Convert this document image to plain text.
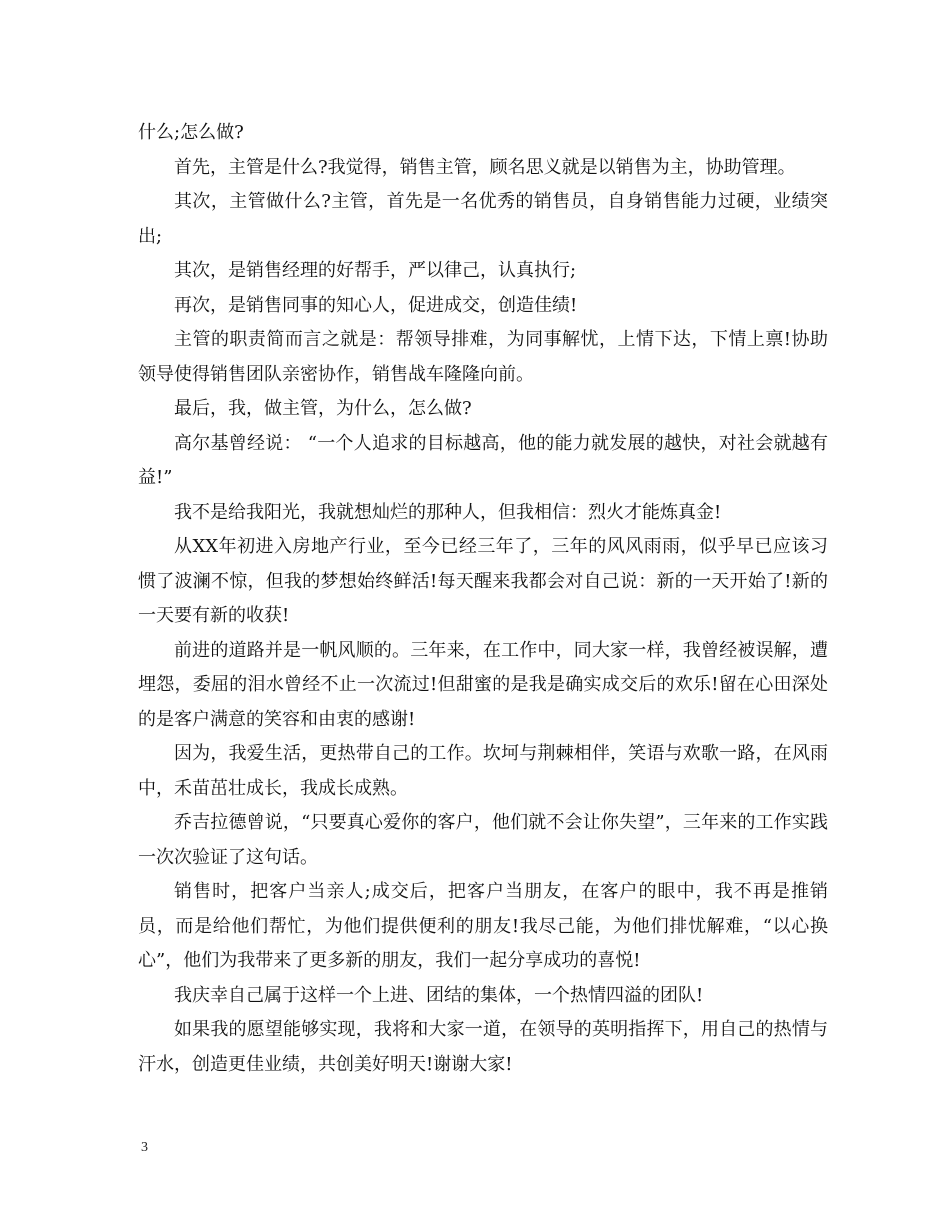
什么;怎么做?

首先，主管是什么?我觉得，销售主管，顾名思义就是以销售为主，协助管理。

其次，主管做什么?主管，首先是一名优秀的销售员，自身销售能力过硬，业绩突出;

其次，是销售经理的好帮手，严以律己，认真执行;

再次，是销售同事的知心人，促进成交，创造佳绩!

主管的职责简而言之就是：帮领导排难，为同事解忧，上情下达，下情上禀!协助领导使得销售团队亲密协作，销售战车隆隆向前。

最后，我，做主管，为什么，怎么做?

高尔基曾经说： “一个人追求的目标越高，他的能力就发展的越快，对社会就越有益!”

我不是给我阳光，我就想灿烂的那种人，但我相信：烈火才能炼真金!

从XX年初进入房地产行业，至今已经三年了，三年的风风雨雨，似乎早已应该习惯了波澜不惊，但我的梦想始终鲜活!每天醒来我都会对自己说：新的一天开始了!新的一天要有新的收获!

前进的道路并是一帆风顺的。三年来，在工作中，同大家一样，我曾经被误解，遭埋怨，委屈的泪水曾经不止一次流过!但甜蜜的是我是确实成交后的欢乐!留在心田深处的是客户满意的笑容和由衷的感谢!

因为，我爱生活，更热带自己的工作。坎坷与荆棘相伴，笑语与欢歌一路，在风雨中，禾苗茁壮成长，我成长成熟。

乔吉拉德曾说，“只要真心爱你的客户，他们就不会让你失望”，三年来的工作实践一次次验证了这句话。

销售时，把客户当亲人;成交后，把客户当朋友，在客户的眼中，我不再是推销员，而是给他们帮忙，为他们提供便利的朋友!我尽己能，为他们排忧解难，“以心换心”，他们为我带来了更多新的朋友，我们一起分享成功的喜悦!

我庆幸自己属于这样一个上进、团结的集体，一个热情四溢的团队!

如果我的愿望能够实现，我将和大家一道，在领导的英明指挥下，用自己的热情与汗水，创造更佳业绩，共创美好明天!谢谢大家!

3
